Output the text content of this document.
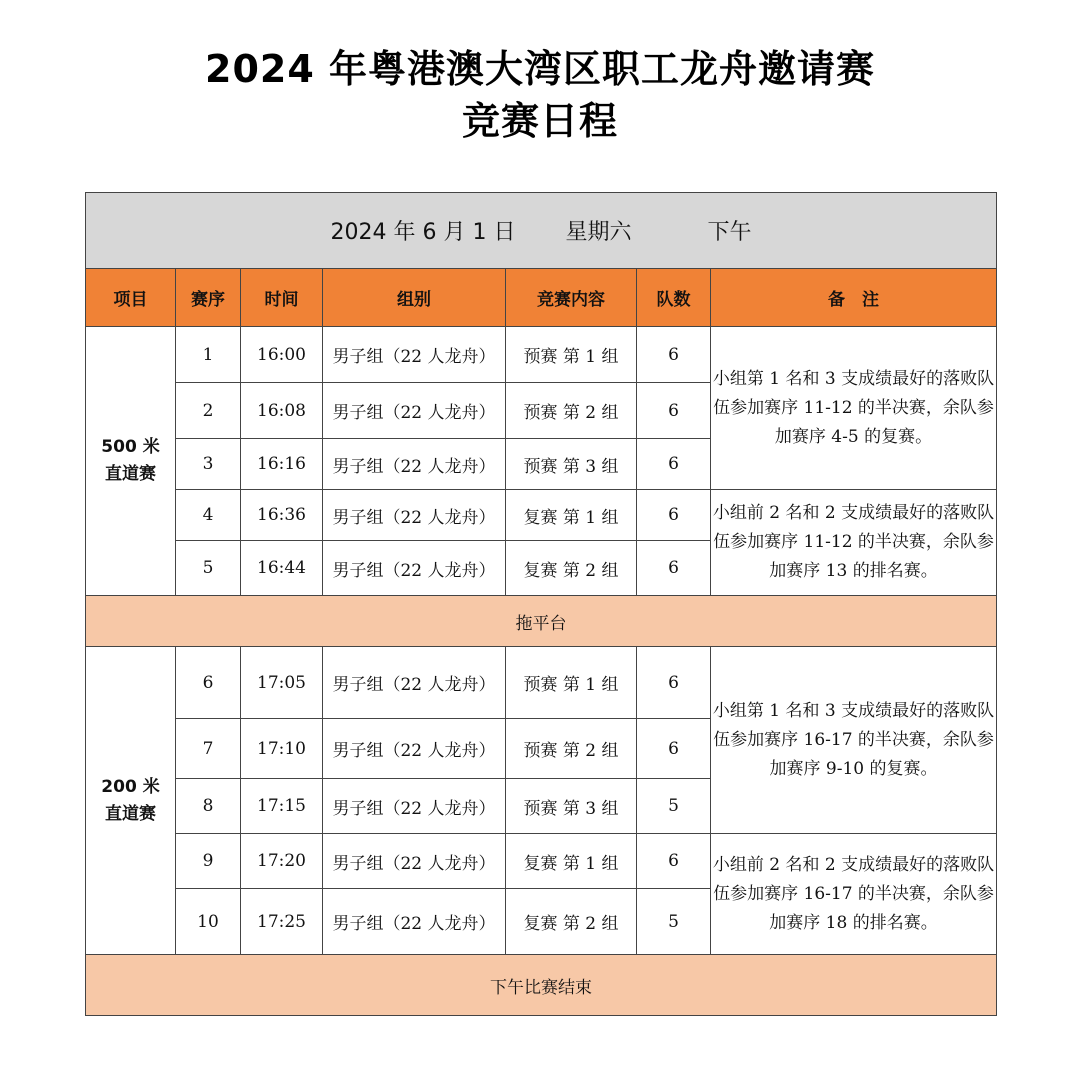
2024 年粤港澳大湾区职工龙舟邀请赛
竞赛日程
2024 年 6 月 1 日 星期六 下午						
项目	赛序	时间	组别	竞赛内容	队数	备　注

500 米
直道赛	1	16:00	男子组（22 人龙舟）	预赛 第 1 组	6	小组第 1 名和 3 支成绩最好的落败队伍参加赛序 11-12 的半决赛，余队参加赛序 4-5 的复赛。
	2	16:08	男子组（22 人龙舟）	预赛 第 2 组	6	
	3	16:16	男子组（22 人龙舟）	预赛 第 3 组	6	
	4	16:36	男子组（22 人龙舟）	复赛 第 1 组	6	小组前 2 名和 2 支成绩最好的落败队伍参加赛序 11-12 的半决赛，余队参加赛序 13 的排名赛。
	5	16:44	男子组（22 人龙舟）	复赛 第 2 组	6	
拖平台						

200 米
直道赛	6	17:05	男子组（22 人龙舟）	预赛 第 1 组	6	小组第 1 名和 3 支成绩最好的落败队伍参加赛序 16-17 的半决赛，余队参加赛序 9-10 的复赛。
	7	17:10	男子组（22 人龙舟）	预赛 第 2 组	6	
	8	17:15	男子组（22 人龙舟）	预赛 第 3 组	5	
	9	17:20	男子组（22 人龙舟）	复赛 第 1 组	6	小组前 2 名和 2 支成绩最好的落败队伍参加赛序 16-17 的半决赛，余队参加赛序 18 的排名赛。
	10	17:25	男子组（22 人龙舟）	复赛 第 2 组	5	
下午比赛结束						
